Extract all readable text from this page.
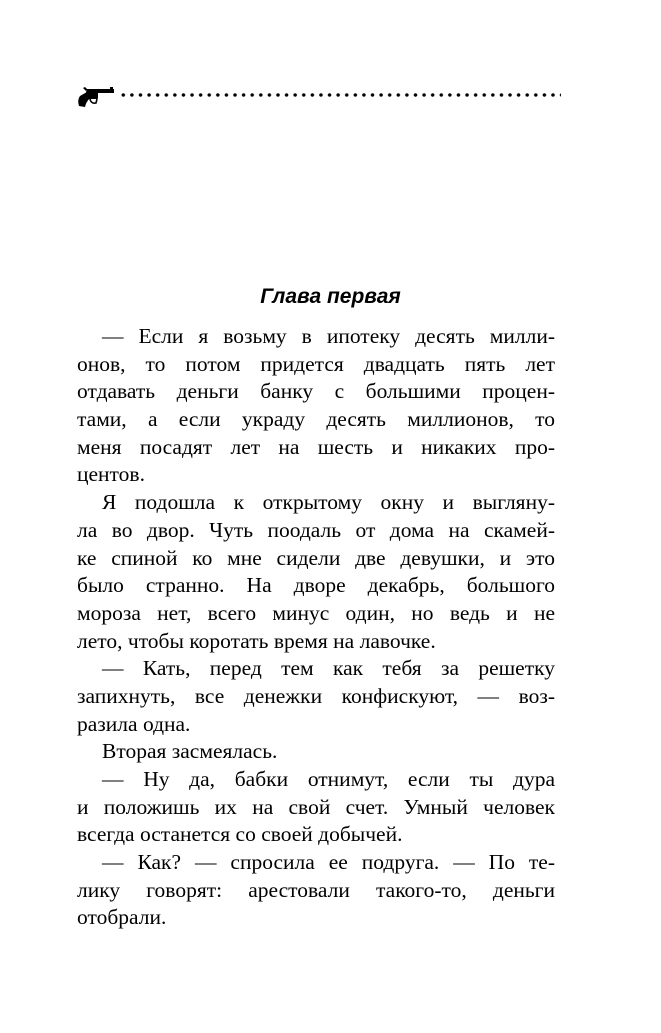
Глава первая
— Если я возьму в ипотеку десять милли-
онов, то потом придется двадцать пять лет
отдавать деньги банку с большими процен-
тами, а если украду десять миллионов, то
меня посадят лет на шесть и никаких про-
центов.
Я подошла к открытому окну и выгляну-
ла во двор. Чуть поодаль от дома на скамей-
ке спиной ко мне сидели две девушки, и это
было странно. На дворе декабрь, большого
мороза нет, всего минус один, но ведь и не
лето, чтобы коротать время на лавочке.
— Кать, перед тем как тебя за решетку
запихнуть, все денежки конфискуют, — воз-
разила одна.
Вторая засмеялась.
— Ну да, бабки отнимут, если ты дура
и положишь их на свой счет. Умный человек
всегда останется со своей добычей.
— Как? — спросила ее подруга. — По те-
лику говорят: арестовали такого-то, деньги
отобрали.
